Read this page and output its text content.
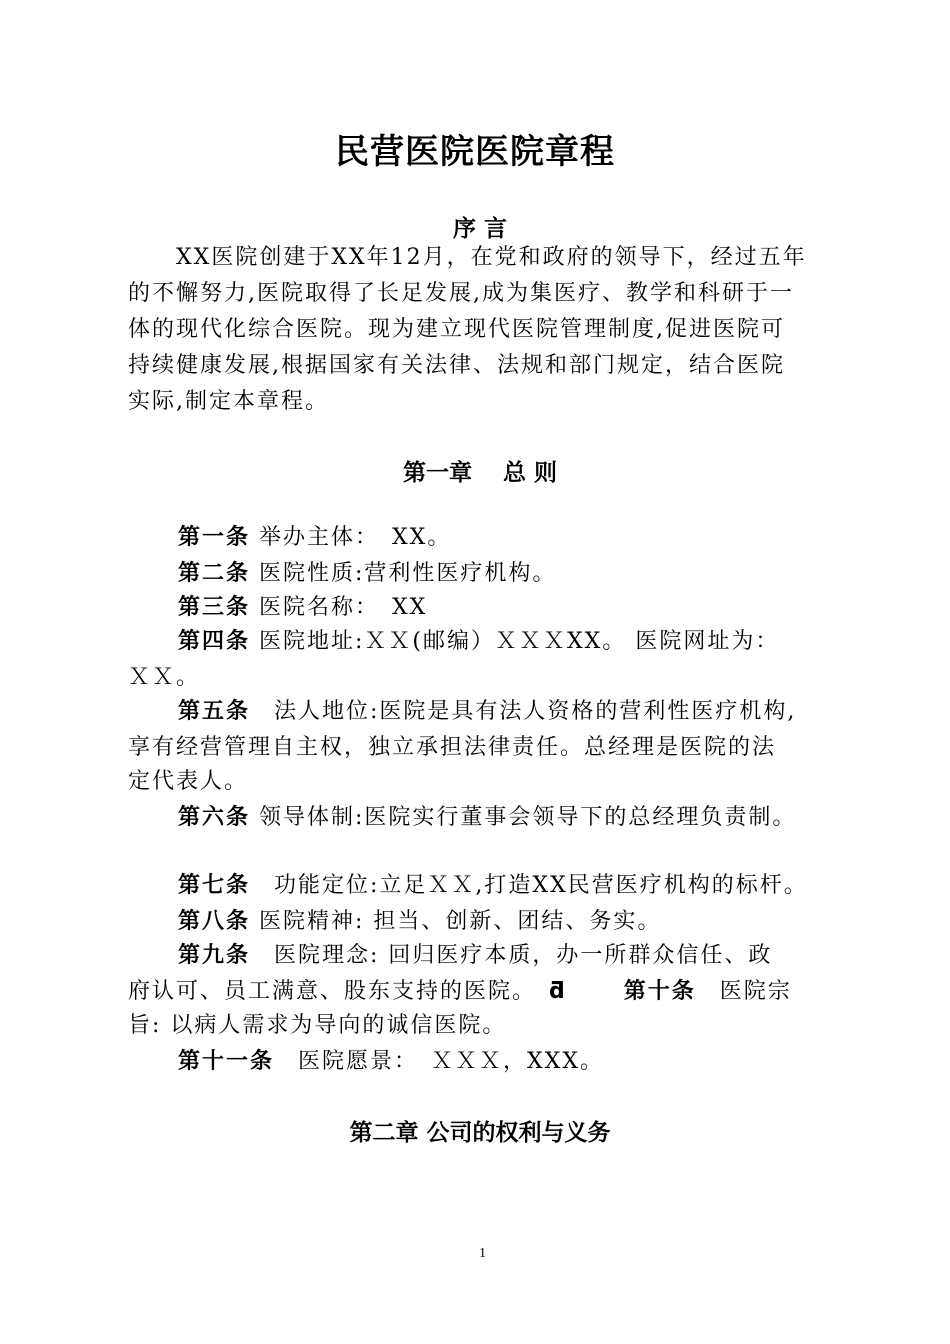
民营医院医院章程
序 言
　　XX医院创建于XX年12月，在党和政府的领导下，经过五年
的不懈努力,医院取得了长足发展,成为集医疗、教学和科研于一
体的现代化综合医院。现为建立现代医院管理制度,促进医院可
持续健康发展,根据国家有关法律、法规和部门规定，结合医院
实际,制定本章程。
第一章　 总 则
第一条 举办主体：　XX。
第二条 医院性质:营利性医疗机构。
第三条 医院名称：　XX
第四条 医院地址:ＸＸ(邮编）ＸＸＸXX。 医院网址为：
ＸＸ。
第五条　法人地位:医院是具有法人资格的营利性医疗机构,
享有经营管理自主权，独立承担法律责任。总经理是医院的法
定代表人。
第六条 领导体制:医院实行董事会领导下的总经理负责制。
第七条　功能定位:立足ＸＸ,打造XX民营医疗机构的标杆。
第八条 医院精神: 担当、创新、团结、务实。
第九条　医院理念: 回归医疗本质，办一所群众信任、政
府认可、员工满意、股东支持的医院。　ƌ　　	第十条　医院宗
旨: 以病人需求为导向的诚信医院。
第十一条　医院愿景：　ＸＸＸ，XXX。
第二章 公司的权利与义务
1
